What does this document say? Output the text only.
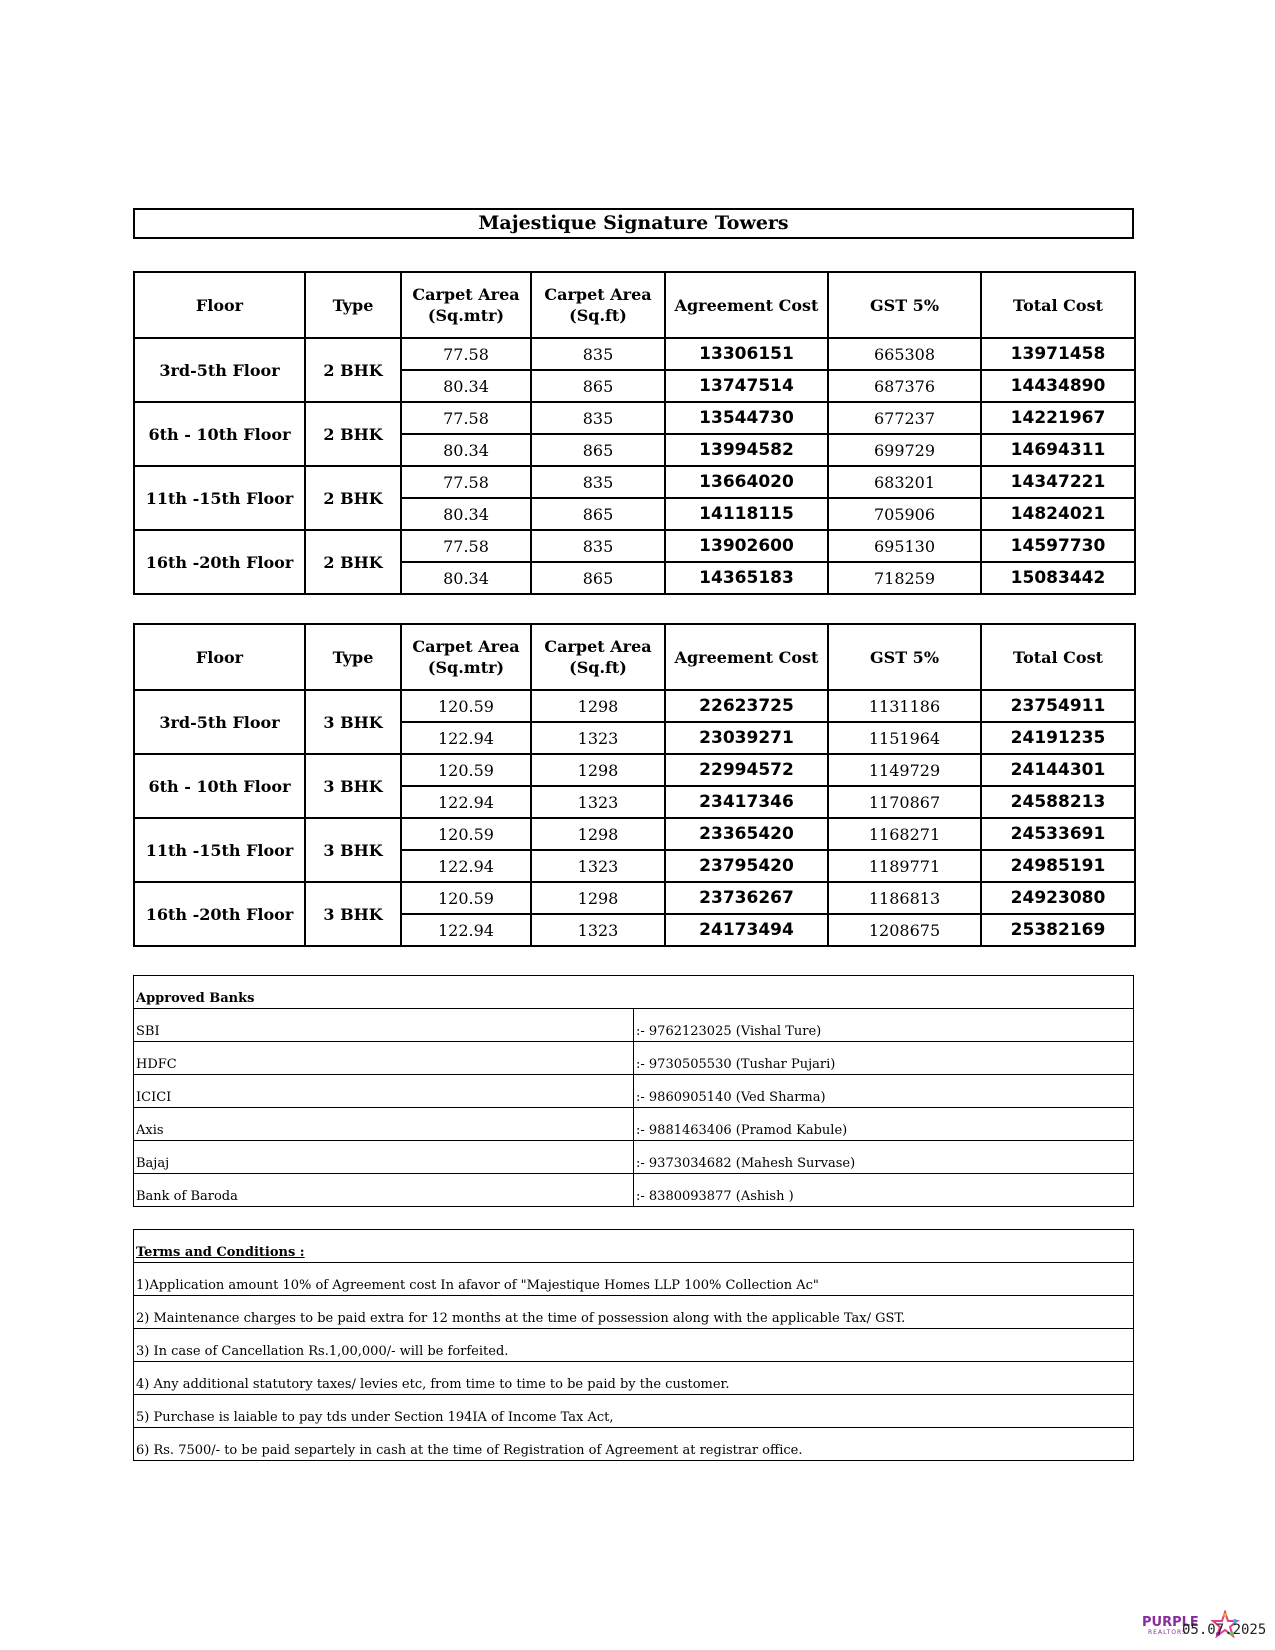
Majestique Signature Towers
Floor	Type	Carpet Area (Sq.mtr)	Carpet Area (Sq.ft)	Agreement Cost	GST 5%	Total Cost
3rd-5th Floor	2 BHK	77.58	835	13306151	665308	13971458
		80.34	865	13747514	687376	14434890
6th - 10th Floor	2 BHK	77.58	835	13544730	677237	14221967
		80.34	865	13994582	699729	14694311
11th -15th Floor	2 BHK	77.58	835	13664020	683201	14347221
		80.34	865	14118115	705906	14824021
16th -20th Floor	2 BHK	77.58	835	13902600	695130	14597730
		80.34	865	14365183	718259	15083442
Floor	Type	Carpet Area (Sq.mtr)	Carpet Area (Sq.ft)	Agreement Cost	GST 5%	Total Cost
3rd-5th Floor	3 BHK	120.59	1298	22623725	1131186	23754911
		122.94	1323	23039271	1151964	24191235
6th - 10th Floor	3 BHK	120.59	1298	22994572	1149729	24144301
		122.94	1323	23417346	1170867	24588213
11th -15th Floor	3 BHK	120.59	1298	23365420	1168271	24533691
		122.94	1323	23795420	1189771	24985191
16th -20th Floor	3 BHK	120.59	1298	23736267	1186813	24923080
		122.94	1323	24173494	1208675	25382169
Approved Banks	
SBI	:- 9762123025 (Vishal Ture)
HDFC	:- 9730505530 (Tushar Pujari)
ICICI	:- 9860905140 (Ved Sharma)
Axis	:- 9881463406 (Pramod Kabule)
Bajaj	:- 9373034682 (Mahesh Survase)
Bank of Baroda	:- 8380093877 (Ashish )
Terms and Conditions :
1)Application amount 10% of Agreement cost In afavor of "Majestique Homes LLP 100% Collection Ac"
2) Maintenance charges to be paid extra for 12 months at the time of possession along with the applicable Tax/ GST.
3) In case of Cancellation Rs.1,00,000/- will be forfeited.
4) Any additional statutory taxes/ levies etc, from time to time to be paid by the customer.
5) Purchase is laiable to pay tds under Section 194IA of Income Tax Act,
6) Rs. 7500/- to be paid separtely in cash at the time of Registration of Agreement at registrar office.
PURPLE
REALTORS
05.07.2025
